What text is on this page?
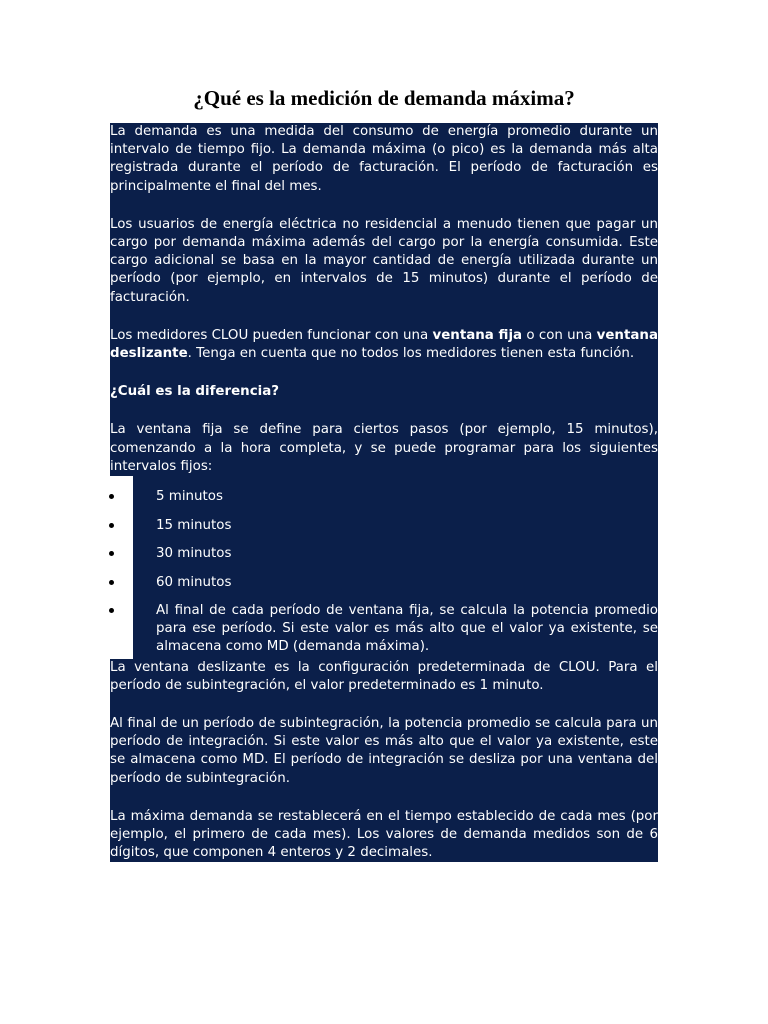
¿Qué es la medición de demanda máxima?
La demanda es una medida del consumo de energía promedio durante un intervalo de tiempo fijo. La demanda máxima (o pico) es la demanda más alta registrada durante el período de facturación. El período de facturación es principalmente el final del mes.
Los usuarios de energía eléctrica no residencial a menudo tienen que pagar un cargo por demanda máxima además del cargo por la energía consumida. Este cargo adicional se basa en la mayor cantidad de energía utilizada durante un período (por ejemplo, en intervalos de 15 minutos) durante el período de facturación.
Los medidores CLOU pueden funcionar con una ventana fija o con una ventana deslizante. Tenga en cuenta que no todos los medidores tienen esta función.
¿Cuál es la diferencia?
La ventana fija se define para ciertos pasos (por ejemplo, 15 minutos), comenzando a la hora completa, y se puede programar para los siguientes intervalos fijos:
5 minutos
15 minutos
30 minutos
60 minutos
Al final de cada período de ventana fija, se calcula la potencia promedio para ese período. Si este valor es más alto que el valor ya existente, se almacena como MD (demanda máxima).
La ventana deslizante es la configuración predeterminada de CLOU. Para el período de subintegración, el valor predeterminado es 1 minuto.
Al final de un período de subintegración, la potencia promedio se calcula para un período de integración. Si este valor es más alto que el valor ya existente, este se almacena como MD. El período de integración se desliza por una ventana del período de subintegración.
La máxima demanda se restablecerá en el tiempo establecido de cada mes (por ejemplo, el primero de cada mes). Los valores de demanda medidos son de 6 dígitos, que componen 4 enteros y 2 decimales.
